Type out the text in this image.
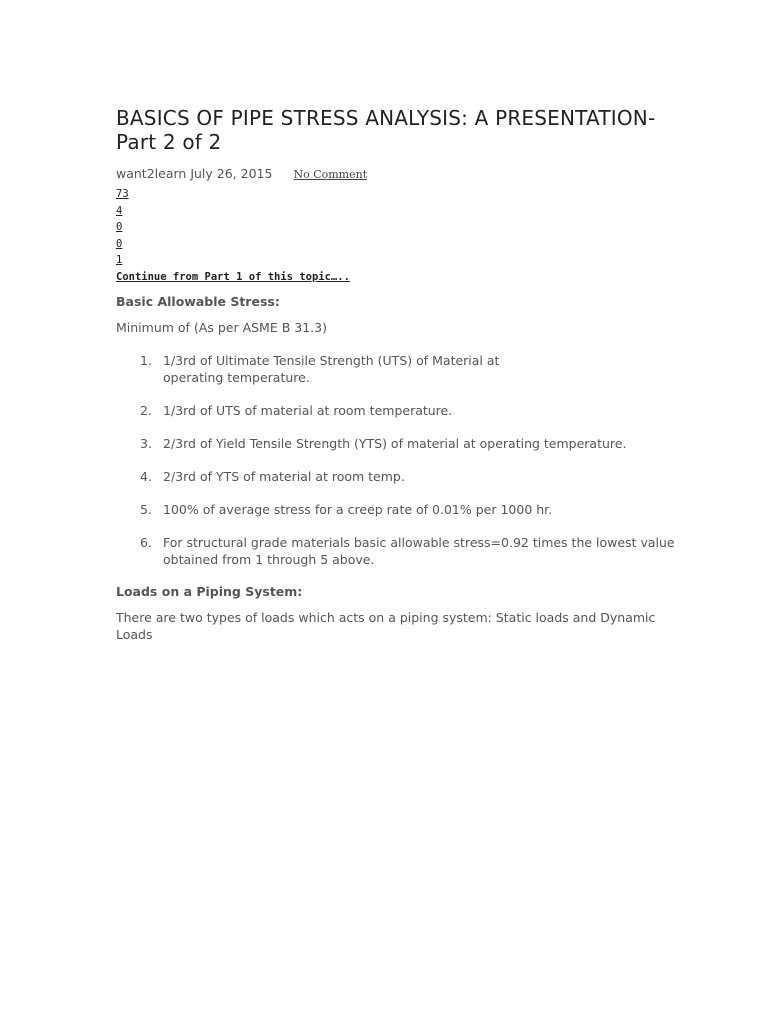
BASICS OF PIPE STRESS ANALYSIS: A PRESENTATION-Part 2 of 2
want2learn July 26, 2015 No Comment
73
4
0
0
1
Continue from Part 1 of this topic…..
Basic Allowable Stress:
Minimum of (As per ASME B 31.3)
1. 1/3rd of Ultimate Tensile Strength (UTS) of Material at operating temperature.
2. 1/3rd of UTS of material at room temperature.
3. 2/3rd of Yield Tensile Strength (YTS) of material at operating temperature.
4. 2/3rd of YTS of material at room temp.
5. 100% of average stress for a creep rate of 0.01% per 1000 hr.
6. For structural grade materials basic allowable stress=0.92 times the lowest value obtained from 1 through 5 above.
Loads on a Piping System:
There are two types of loads which acts on a piping system: Static loads and Dynamic Loads
